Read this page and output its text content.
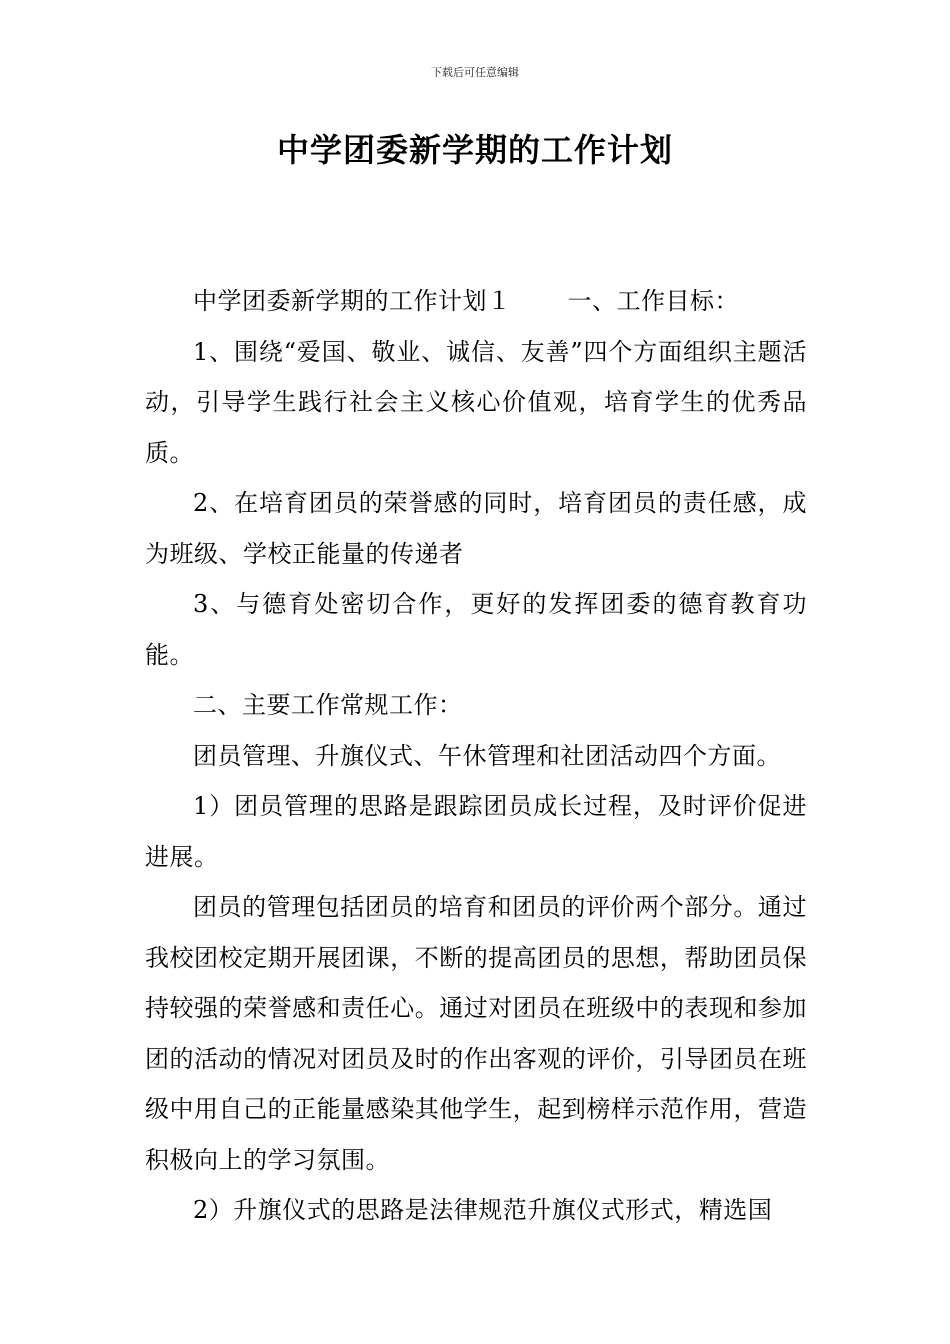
下载后可任意编辑
中学团委新学期的工作计划

中学团委新学期的工作计划１ 一、工作目标：

1、围绕“爱国、敬业、诚信、友善”四个方面组织主题活动，引导学生践行社会主义核心价值观，培育学生的优秀品质。

2、在培育团员的荣誉感的同时，培育团员的责任感，成为班级、学校正能量的传递者

3、与德育处密切合作，更好的发挥团委的德育教育功能。

二、主要工作常规工作：

团员管理、升旗仪式、午休管理和社团活动四个方面。

1）团员管理的思路是跟踪团员成长过程，及时评价促进进展。

团员的管理包括团员的培育和团员的评价两个部分。通过我校团校定期开展团课，不断的提高团员的思想，帮助团员保持较强的荣誉感和责任心。通过对团员在班级中的表现和参加团的活动的情况对团员及时的作出客观的评价，引导团员在班级中用自己的正能量感染其他学生，起到榜样示范作用，营造积极向上的学习氛围。

2）升旗仪式的思路是法律规范升旗仪式形式，精选国
